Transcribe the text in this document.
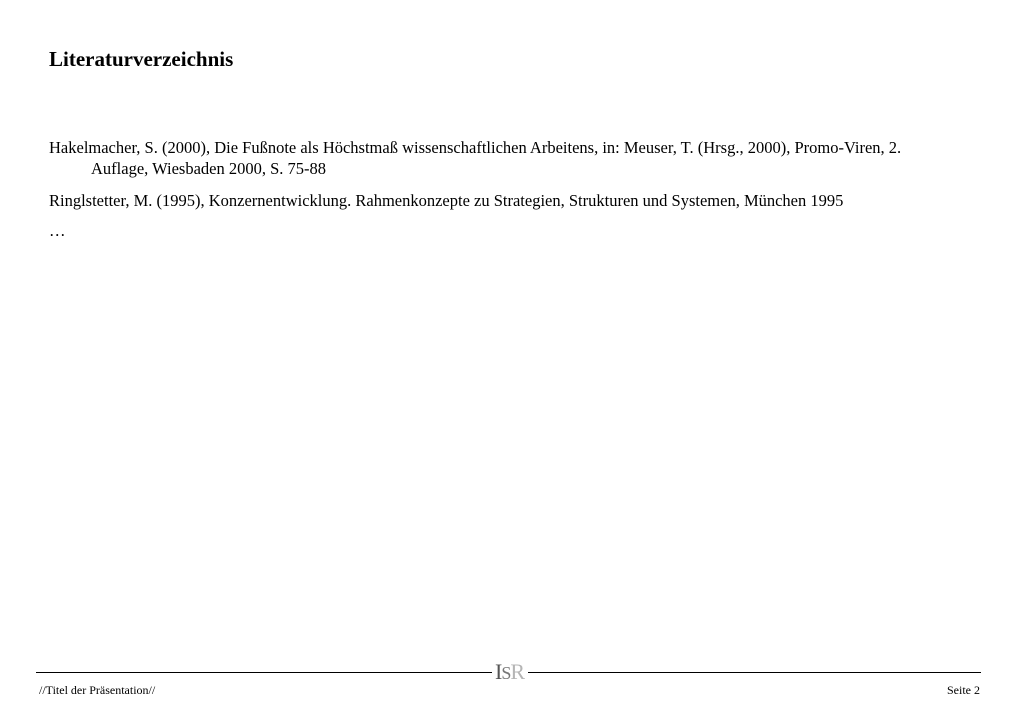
Literaturverzeichnis

Hakelmacher, S. (2000), Die Fußnote als Höchstmaß wissenschaftlichen Arbeitens, in: Meuser, T. (Hrsg., 2000), Promo-Viren, 2. Auflage, Wiesbaden 2000, S. 75-88

Ringlstetter, M. (1995), Konzernentwicklung. Rahmenkonzepte zu Strategien, Strukturen und Systemen, München 1995

…

ISR
//Titel der Präsentation//	Seite 2
